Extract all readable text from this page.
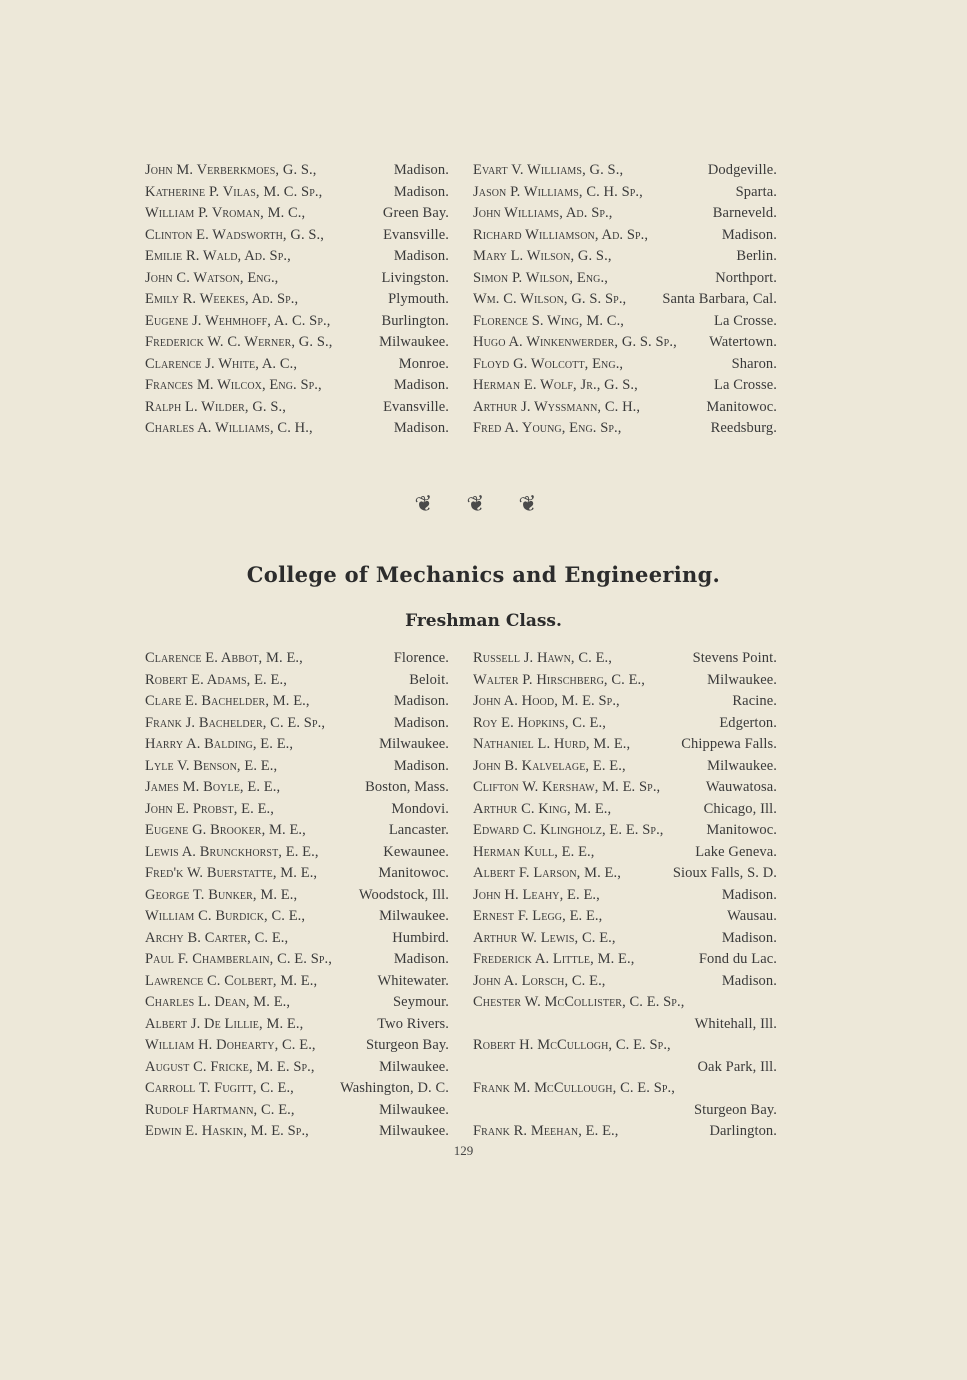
John M. Verberkmoes, G. S.,	Madison.
Katherine P. Vilas, M. C. Sp.,	Madison.
William P. Vroman, M. C.,	Green Bay.
Clinton E. Wadsworth, G. S.,	Evansville.
Emilie R. Wald, Ad. Sp.,	Madison.
John C. Watson, Eng.,	Livingston.
Emily R. Weekes, Ad. Sp.,	Plymouth.
Eugene J. Wehmhoff, A. C. Sp.,	Burlington.
Frederick W. C. Werner, G. S.,	Milwaukee.
Clarence J. White, A. C.,	Monroe.
Frances M. Wilcox, Eng. Sp.,	Madison.
Ralph L. Wilder, G. S.,	Evansville.
Charles A. Williams, C. H.,	Madison.
Evart V. Williams, G. S.,	Dodgeville.
Jason P. Williams, C. H. Sp.,	Sparta.
John Williams, Ad. Sp.,	Barneveld.
Richard Williamson, Ad. Sp.,	Madison.
Mary L. Wilson, G. S.,	Berlin.
Simon P. Wilson, Eng.,	Northport.
Wm. C. Wilson, G. S. Sp., Santa Barbara, Cal.
Florence S. Wing, M. C.,	La Crosse.
Hugo A. Winkenwerder, G. S. Sp., Watertown.
Floyd G. Wolcott, Eng.,	Sharon.
Herman E. Wolf, Jr., G. S.,	La Crosse.
Arthur J. Wyssmann, C. H.,	Manitowoc.
Fred A. Young, Eng. Sp.,	Reedsburg.
❦ ❦ ❦
College of Mechanics and Engineering.
Freshman Class.
Clarence E. Abbot, M. E.,	Florence.
Robert E. Adams, E. E.,	Beloit.
Clare E. Bachelder, M. E.,	Madison.
Frank J. Bachelder, C. E. Sp.,	Madison.
Harry A. Balding, E. E.,	Milwaukee.
Lyle V. Benson, E. E.,	Madison.
James M. Boyle, E. E.,	Boston, Mass.
John E. Probst, E. E.,	Mondovi.
Eugene G. Brooker, M. E.,	Lancaster.
Lewis A. Brunckhorst, E. E.,	Kewaunee.
Fred'k W. Buerstatte, M. E.,	Manitowoc.
George T. Bunker, M. E.,	Woodstock, Ill.
William C. Burdick, C. E.,	Milwaukee.
Archy B. Carter, C. E.,	Humbird.
Paul F. Chamberlain, C. E. Sp.,	Madison.
Lawrence C. Colbert, M. E.,	Whitewater.
Charles L. Dean, M. E.,	Seymour.
Albert J. De Lillie, M. E.,	Two Rivers.
William H. Dohearty, C. E.,	Sturgeon Bay.
August C. Fricke, M. E. Sp.,	Milwaukee.
Carroll T. Fugitt, C. E.,	Washington, D. C.
Rudolf Hartmann, C. E.,	Milwaukee.
Edwin E. Haskin, M. E. Sp.,	Milwaukee.
Russell J. Hawn, C. E.,	Stevens Point.
Walter P. Hirschberg, C. E.,	Milwaukee.
John A. Hood, M. E. Sp.,	Racine.
Roy E. Hopkins, C. E.,	Edgerton.
Nathaniel L. Hurd, M. E.,	Chippewa Falls.
John B. Kalvelage, E. E.,	Milwaukee.
Clifton W. Kershaw, M. E. Sp.,	Wauwatosa.
Arthur C. King, M. E.,	Chicago, Ill.
Edward C. Klingholz, E. E. Sp.,	Manitowoc.
Herman Kull, E. E.,	Lake Geneva.
Albert F. Larson, M. E.,	Sioux Falls, S. D.
John H. Leahy, E. E.,	Madison.
Ernest F. Legg, E. E.,	Wausau.
Arthur W. Lewis, C. E.,	Madison.
Frederick A. Little, M. E.,	Fond du Lac.
John A. Lorsch, C. E.,	Madison.
Chester W. McCollister, C. E. Sp.,
Whitehall, Ill.
Robert H. McCullogh, C. E. Sp.,
Oak Park, Ill.
Frank M. McCullough, C. E. Sp.,
Sturgeon Bay.
Frank R. Meehan, E. E.,	Darlington.
129
